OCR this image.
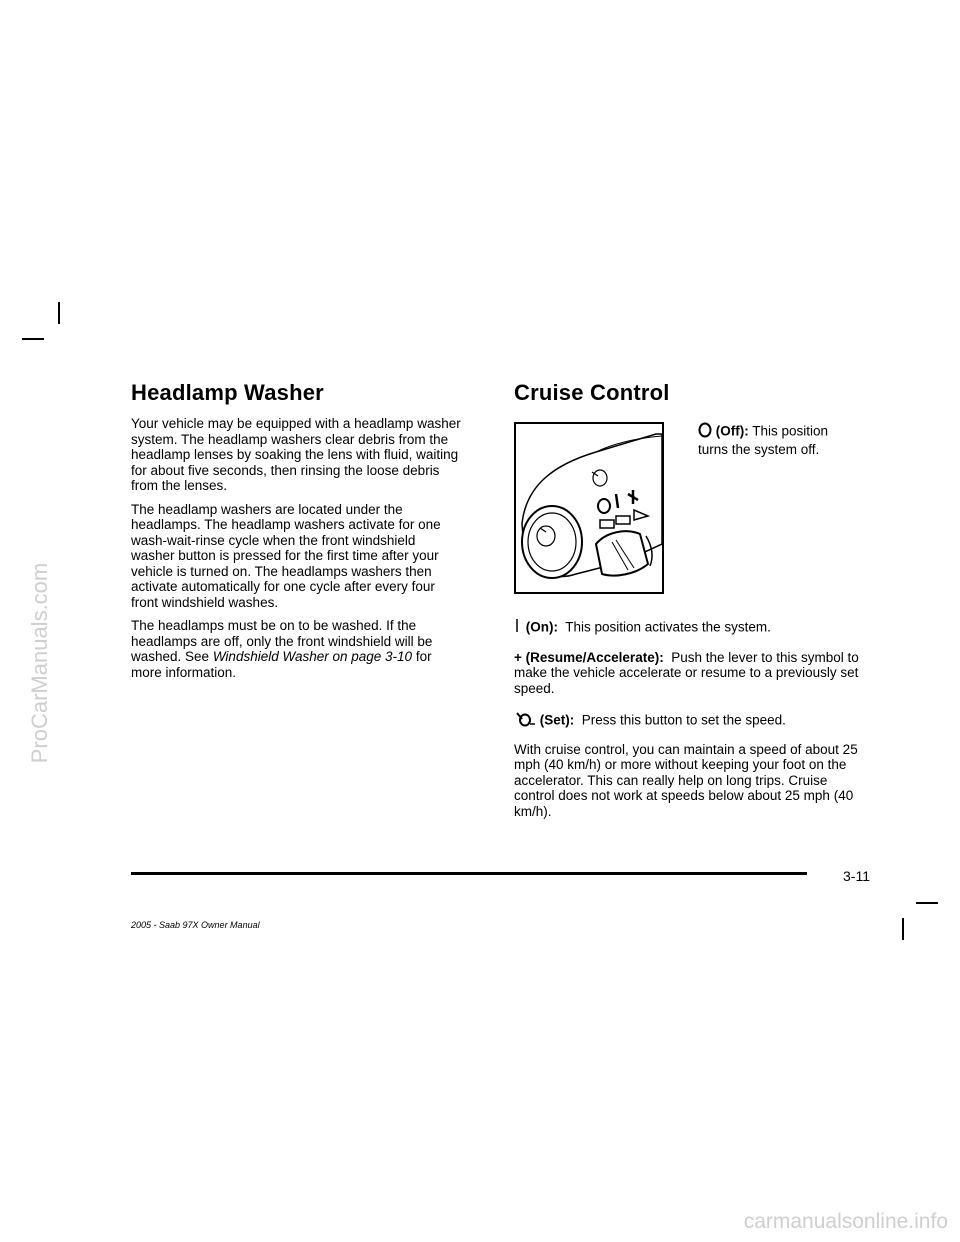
ProCarManuals.com
carmanualsonline.info
Headlamp Washer

Your vehicle may be equipped with a headlamp washer system. The headlamp washers clear debris from the headlamp lenses by soaking the lens with fluid, waiting for about five seconds, then rinsing the loose debris from the lenses.

The headlamp washers are located under the headlamps. The headlamp washers activate for one wash-wait-rinse cycle when the front windshield washer button is pressed for the first time after your vehicle is turned on. The headlamps washers then activate automatically for one cycle after every four front windshield washes.

The headlamps must be on to be washed. If the headlamps are off, only the front windshield will be washed. See Windshield Washer on page 3-10 for more information.

Cruise Control

(Off): This position turns the system off.

(On): This position activates the system.

+ (Resume/Accelerate): Push the lever to this symbol to make the vehicle accelerate or resume to a previously set speed.

(Set): Press this button to set the speed.

With cruise control, you can maintain a speed of about 25 mph (40 km/h) or more without keeping your foot on the accelerator. This can really help on long trips. Cruise control does not work at speeds below about 25 mph (40 km/h).

3-11
2005 - Saab 97X Owner Manual
